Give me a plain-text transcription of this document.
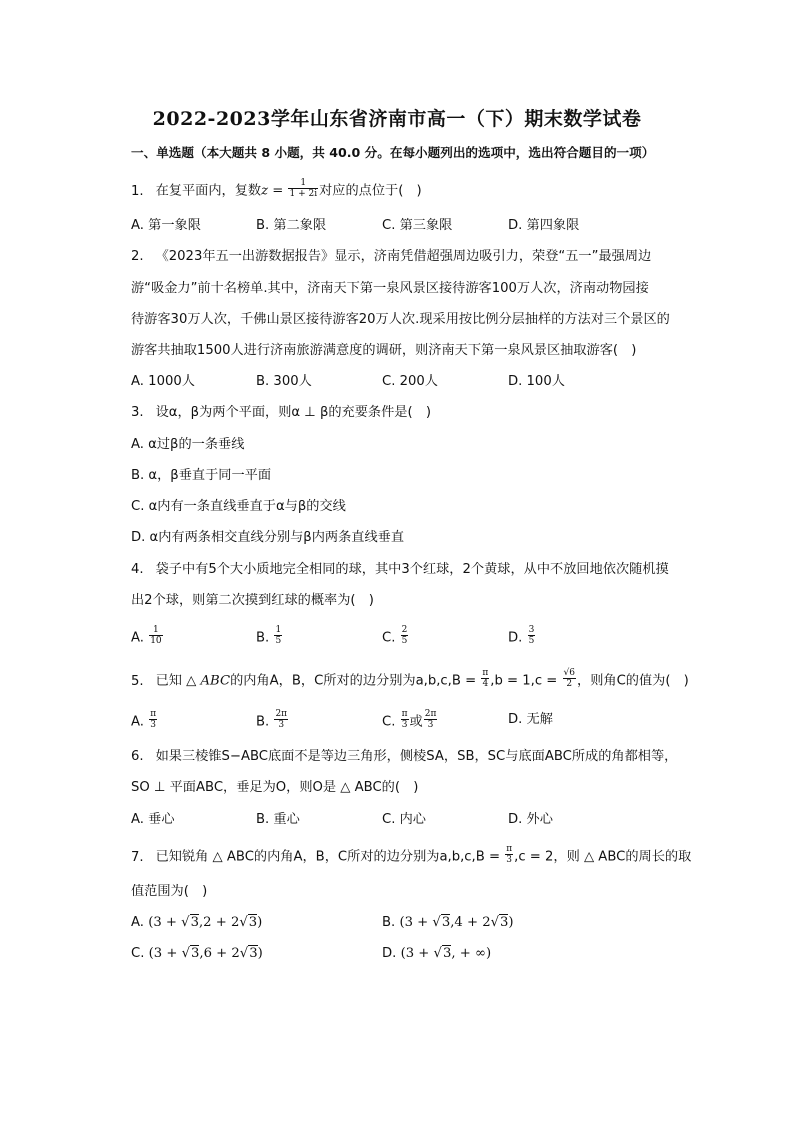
2022-2023学年山东省济南市高一（下）期末数学试卷
一、单选题（本大题共 8 小题，共 40.0 分。在每小题列出的选项中，选出符合题目的一项）
1. 在复平面内，复数$z = \frac{1}{1 + 2i}$ 对应的点位于(　)
A. 第一象限	B. 第二象限	C. 第三象限	D. 第四象限
2. 《2023年五一出游数据报告》显示，济南凭借超强周边吸引力，荣登“五一”最强周边
游“吸金力”前十名榜单.其中，济南天下第一泉风景区接待游客100万人次，济南动物园接
待游客30万人次，千佛山景区接待游客20万人次.现采用按比例分层抽样的方法对三个景区的
游客共抽取1500人进行济南旅游满意度的调研，则济南天下第一泉风景区抽取游客(　)
A. 1000人	B. 300人	C. 200人	D. 100人
3. 设α，β为两个平面，则α ⊥ β的充要条件是(　)
A. α过β的一条垂线
B. α，β垂直于同一平面
C. α内有一条直线垂直于α与β的交线
D. α内有两条相交直线分别与β内两条直线垂直
4. 袋子中有5个大小质地完全相同的球，其中3个红球，2个黄球，从中不放回地依次随机摸
出2个球，则第二次摸到红球的概率为(　)
A. $\frac{1}{10}$	B. $\frac{1}{5}$	C. $\frac{2}{5}$	D. $\frac{3}{5}$
5. 已知 △ ABC的内角A，B，C所对的边分别为$a,b,c,B = \frac{\pi}{4} ,b = 1,c = \frac{√6}{2}$ ，则角C的值为(　)
A. $\frac{\pi}{3}$	B. $\frac{2\pi}{3}$	C. $\frac{\pi}{3}$ 或 $\frac{2\pi}{3}$	D. 无解
6. 如果三棱锥S−ABC底面不是等边三角形，侧棱SA，SB，SC与底面ABC所成的角都相等，
SO ⊥ 平面ABC，垂足为O，则O是 △ ABC的(　)
A. 垂心	B. 重心	C. 内心	D. 外心
7. 已知锐角 △ ABC的内角A，B，C所对的边分别为$a,b,c,B = \frac{\pi}{3} ,c = 2$，则 △ ABC的周长的取
值范围为(　)
A. (3 + √3,2 + 2√3)	B. (3 + √3,4 + 2√3)
C. (3 + √3,6 + 2√3)	D. (3 + √3, + ∞)
